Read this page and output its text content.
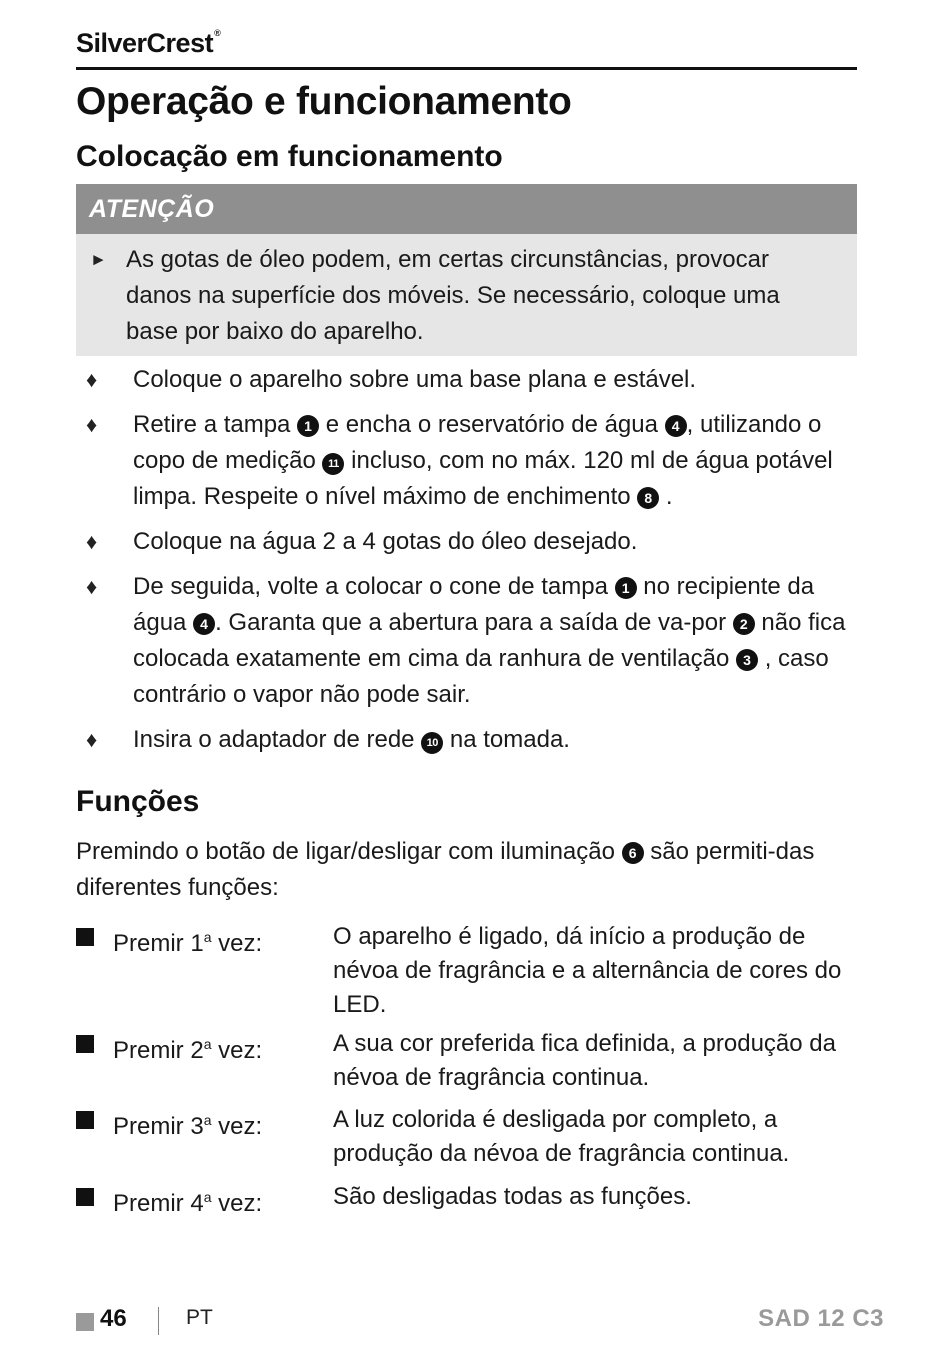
SilverCrest®
Operação e funcionamento
Colocação em funcionamento
ATENÇÃO
► As gotas de óleo podem, em certas circunstâncias, provocar danos na superfície dos móveis. Se necessário, coloque uma base por baixo do aparelho.
♦ Coloque o aparelho sobre uma base plana e estável.
♦ Retire a tampa 1 e encha o reservatório de água 4 , utilizando o copo de medição 11 incluso, com no máx. 120 ml de água potável limpa. Respeite o nível máximo de enchimento 8 .
♦ Coloque na água 2 a 4 gotas do óleo desejado.
♦ De seguida, volte a colocar o cone de tampa 1 no recipiente da água 4 . Garanta que a abertura para a saída de va-por 2 não fica colocada exatamente em cima da ranhura de ventilação 3 , caso contrário o vapor não pode sair.
♦ Insira o adaptador de rede 10 na tomada.
Funções
Premindo o botão de ligar/desligar com iluminação 6 são permiti-das diferentes funções:
Premir 1$^a$ vez:	O aparelho é ligado, dá início a produção de névoa de fragrância e a alternância de cores do LED.
Premir 2$^a$ vez:	A sua cor preferida fica definida, a produção da névoa de fragrância continua.
Premir 3$^a$ vez:	A luz colorida é desligada por completo, a produção da névoa de fragrância continua.
Premir 4$^a$ vez:	São desligadas todas as funções.
46	PT	SAD 12 C3
